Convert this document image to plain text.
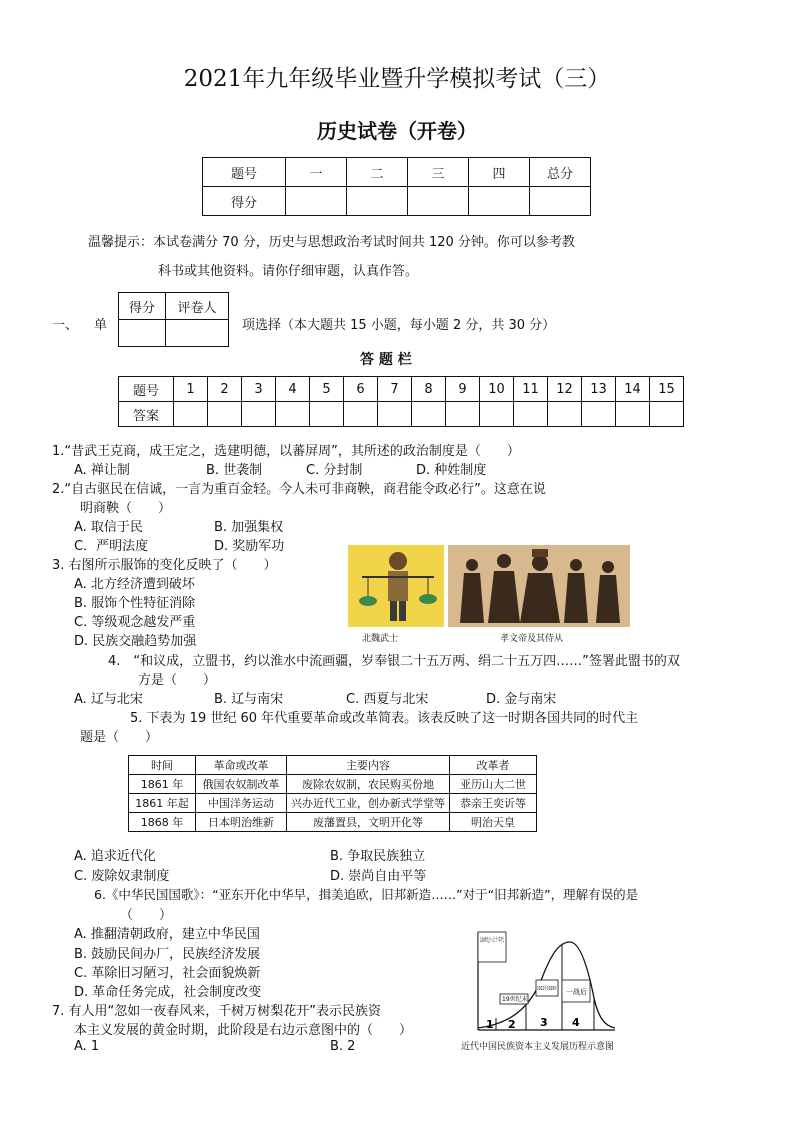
2021年九年级毕业暨升学模拟考试（三）
历史试卷（开卷）
题号	一	二	三	四	总分
得分					
温馨提示：本试卷满分 70 分，历史与思想政治考试时间共 120 分钟。你可以参考教
科书或其他资料。请你仔细审题，认真作答。
一、 单
得分	评卷人

项选择（本大题共 15 小题，每小题 2 分，共 30 分）
答 题 栏
题号	1	2	3	4	5	6	7	8	9	10	11	12	13	14	15
答案															
1.“昔武王克商，成王定之，选建明德，以蕃屏周”，其所述的政治制度是（　　）
A. 禅让制	B. 世袭制	C. 分封制	D. 种姓制度
2.“自古驱民在信诚，一言为重百金轻。今人未可非商鞅，商君能令政必行”。这意在说
明商鞅（　　）
A. 取信于民	B. 加强集权
C．严明法度	D. 奖励军功
3. 右图所示服饰的变化反映了（　　）
A. 北方经济遭到破坏
B. 服饰个性特征消除
C. 等级观念越发严重
D. 民族交融趋势加强	北魏武士	孝文帝及其侍从
4.　“和议成，立盟书，约以淮水中流画疆，岁奉银二十五万两、绢二十五万四……”签署此盟书的双
方是（　　）
A. 辽与北宋	B. 辽与南宋	C. 西夏与北宋	D. 金与南宋
5. 下表为 19 世纪 60 年代重要革命或改革简表。该表反映了这一时期各国共同的时代主
题是（　　）
时间	革命或改革	主要内容	改革者
1861 年	俄国农奴制改革	废除农奴制，农民购买份地	亚历山大二世
1861 年起	中国洋务运动	兴办近代工业，创办新式学堂等	恭亲王奕䜣等
1868 年	日本明治维新	废藩置县，文明开化等	明治天皇
A. 追求近代化	B. 争取民族独立
C. 废除奴隶制度	D. 崇尚自由平等
6.《中华民国国歌》：“亚东开化中华早，揖美追欧，旧邦新造……”对于“旧邦新造”，理解有误的是
（　　）
A. 推翻清朝政府，建立中华民国
B. 鼓励民间办厂，民族经济发展
C. 革除旧习陋习，社会面貌焕新
D. 革命任务完成，社会制度改变
7. 有人用“忽如一夜春风来，千树万树梨花开”表示民族资
本主义发展的黄金时期，此阶段是右边示意图中的（　　）
A. 1	B. 2
19世纪末
1912至1919年
一战后
1 2 3 4
近代中国民族资本主义发展历程示意图
